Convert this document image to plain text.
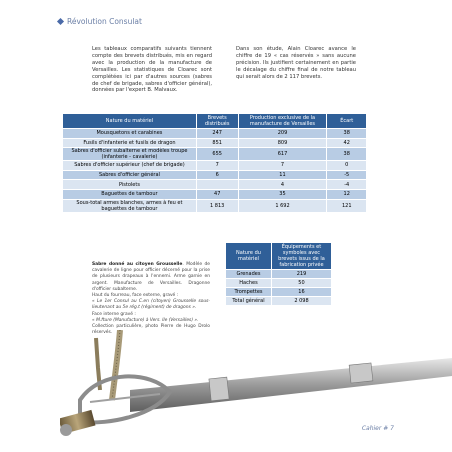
Révolution Consulat
Les tableaux comparatifs suivants tiennent compte des brevets distribués, mis en regard avec la production de la manufacture de Versailles. Les statistiques de Cloarec sont complétées ici par d'autres sources (sabres de chef de brigade, sabres d'officier général), données par l'expert B. Malvaux.
Dans son étude, Alain Cloarec avance le chiffre de 19 « cas réservés » sans aucune précision. Ils justifient certainement en partie le décalage du chiffre final de notre tableau qui serait alors de 2 117 brevets.
Nature du matériel	Brevets distribués	Production exclusive de la manufacture de Versailles	Écart
Mousquetons et carabines	247	209	38
Fusils d'infanterie et fusils de dragon	851	809	42
Sabres d'officier subalterne et modèles troupe (infanterie - cavalerie)	655	617	38
Sabres d'officier supérieur (chef de brigade)	7	7	0
Sabres d'officier général	6	11	-5
Pistolets		4	-4
Baguettes de tambour	47	35	12
Sous-total armes blanches, armes à feu et baguettes de tambour	1 813	1 692	121
Nature du matériel	Équipements et symboles avec brevets issus de la fabrication privée
Grenades	219
Haches	50
Trompettes	16
Total général	2 098
Sabre donné au citoyen Grousselle. Modèle de cavalerie de ligne pour officier décerné pour la prise de plusieurs drapeaux à l'ennemi. Arme garnie en argent. Manufacture de Versailles. Dragonne d'officier subalterne.
Haut du fourreau, face externe, gravé :
« Le 1er Consul au C.en (citoyen) Grousselle sous-lieutenant au 5e rég.t (régiment) de dragons ».
Face interne gravé :
« M.fture (Manufacture) à Vers. lle (Versailles) ».
Collection particulière, photo Pierre de Hugo Drolo réservés.
Cahier # 7
